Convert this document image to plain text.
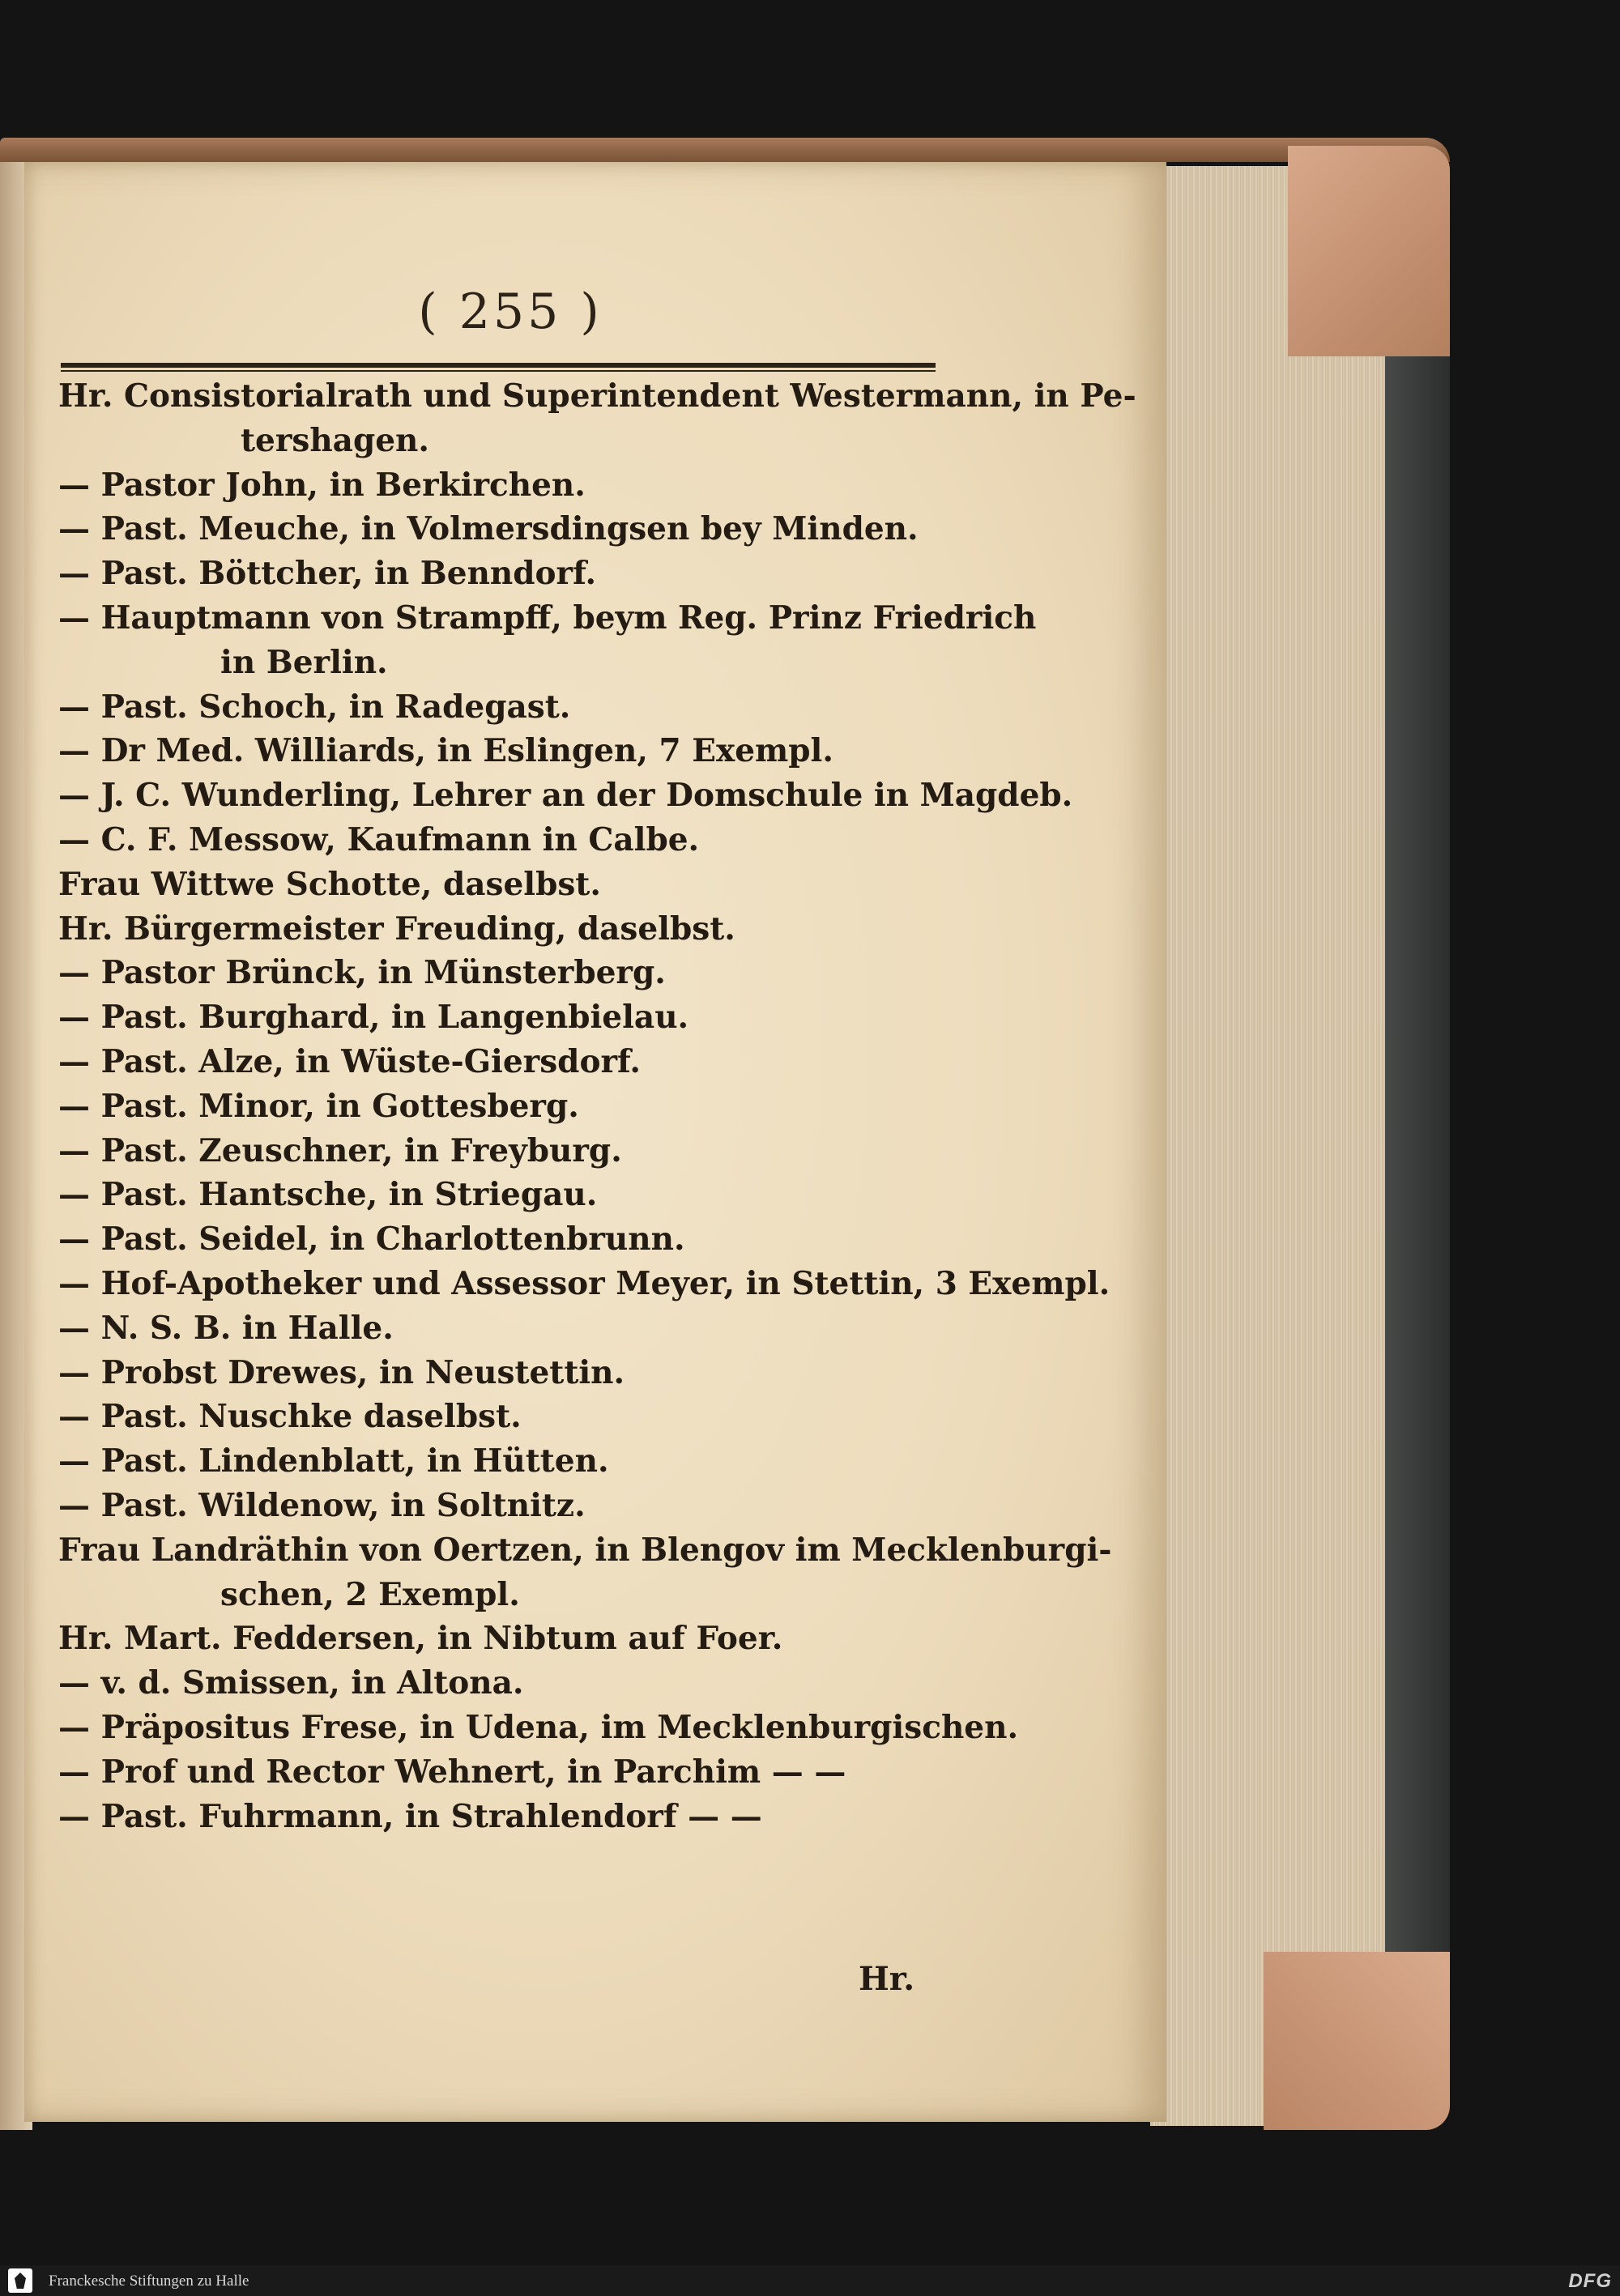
( 255 )
Hr. Consistorialrath und Superintendent Westermann, in Pe-
tershagen.
— Pastor John, in Berkirchen.
— Past. Meuche, in Volmersdingsen bey Minden.
— Past. Böttcher, in Benndorf.
— Hauptmann von Strampff, beym Reg. Prinz Friedrich
in Berlin.
— Past. Schoch, in Radegast.
— Dr Med. Williards, in Eslingen, 7 Exempl.
— J. C. Wunderling, Lehrer an der Domschule in Magdeb.
— C. F. Messow, Kaufmann in Calbe.
Frau Wittwe Schotte, daselbst.
Hr. Bürgermeister Freuding, daselbst.
— Pastor Brünck, in Münsterberg.
— Past. Burghard, in Langenbielau.
— Past. Alze, in Wüste-Giersdorf.
— Past. Minor, in Gottesberg.
— Past. Zeuschner, in Freyburg.
— Past. Hantsche, in Striegau.
— Past. Seidel, in Charlottenbrunn.
— Hof-Apotheker und Assessor Meyer, in Stettin, 3 Exempl.
— N. S. B. in Halle.
— Probst Drewes, in Neustettin.
— Past. Nuschke daselbst.
— Past. Lindenblatt, in Hütten.
— Past. Wildenow, in Soltnitz.
Frau Landräthin von Oertzen, in Blengov im Mecklenburgi-
schen, 2 Exempl.
Hr. Mart. Feddersen, in Nibtum auf Foer.
— v. d. Smissen, in Altona.
— Präpositus Frese, in Udena, im Mecklenburgischen.
— Prof und Rector Wehnert, in Parchim — —
— Past. Fuhrmann, in Strahlendorf — —
Hr.
Franckesche Stiftungen zu Halle	DFG
